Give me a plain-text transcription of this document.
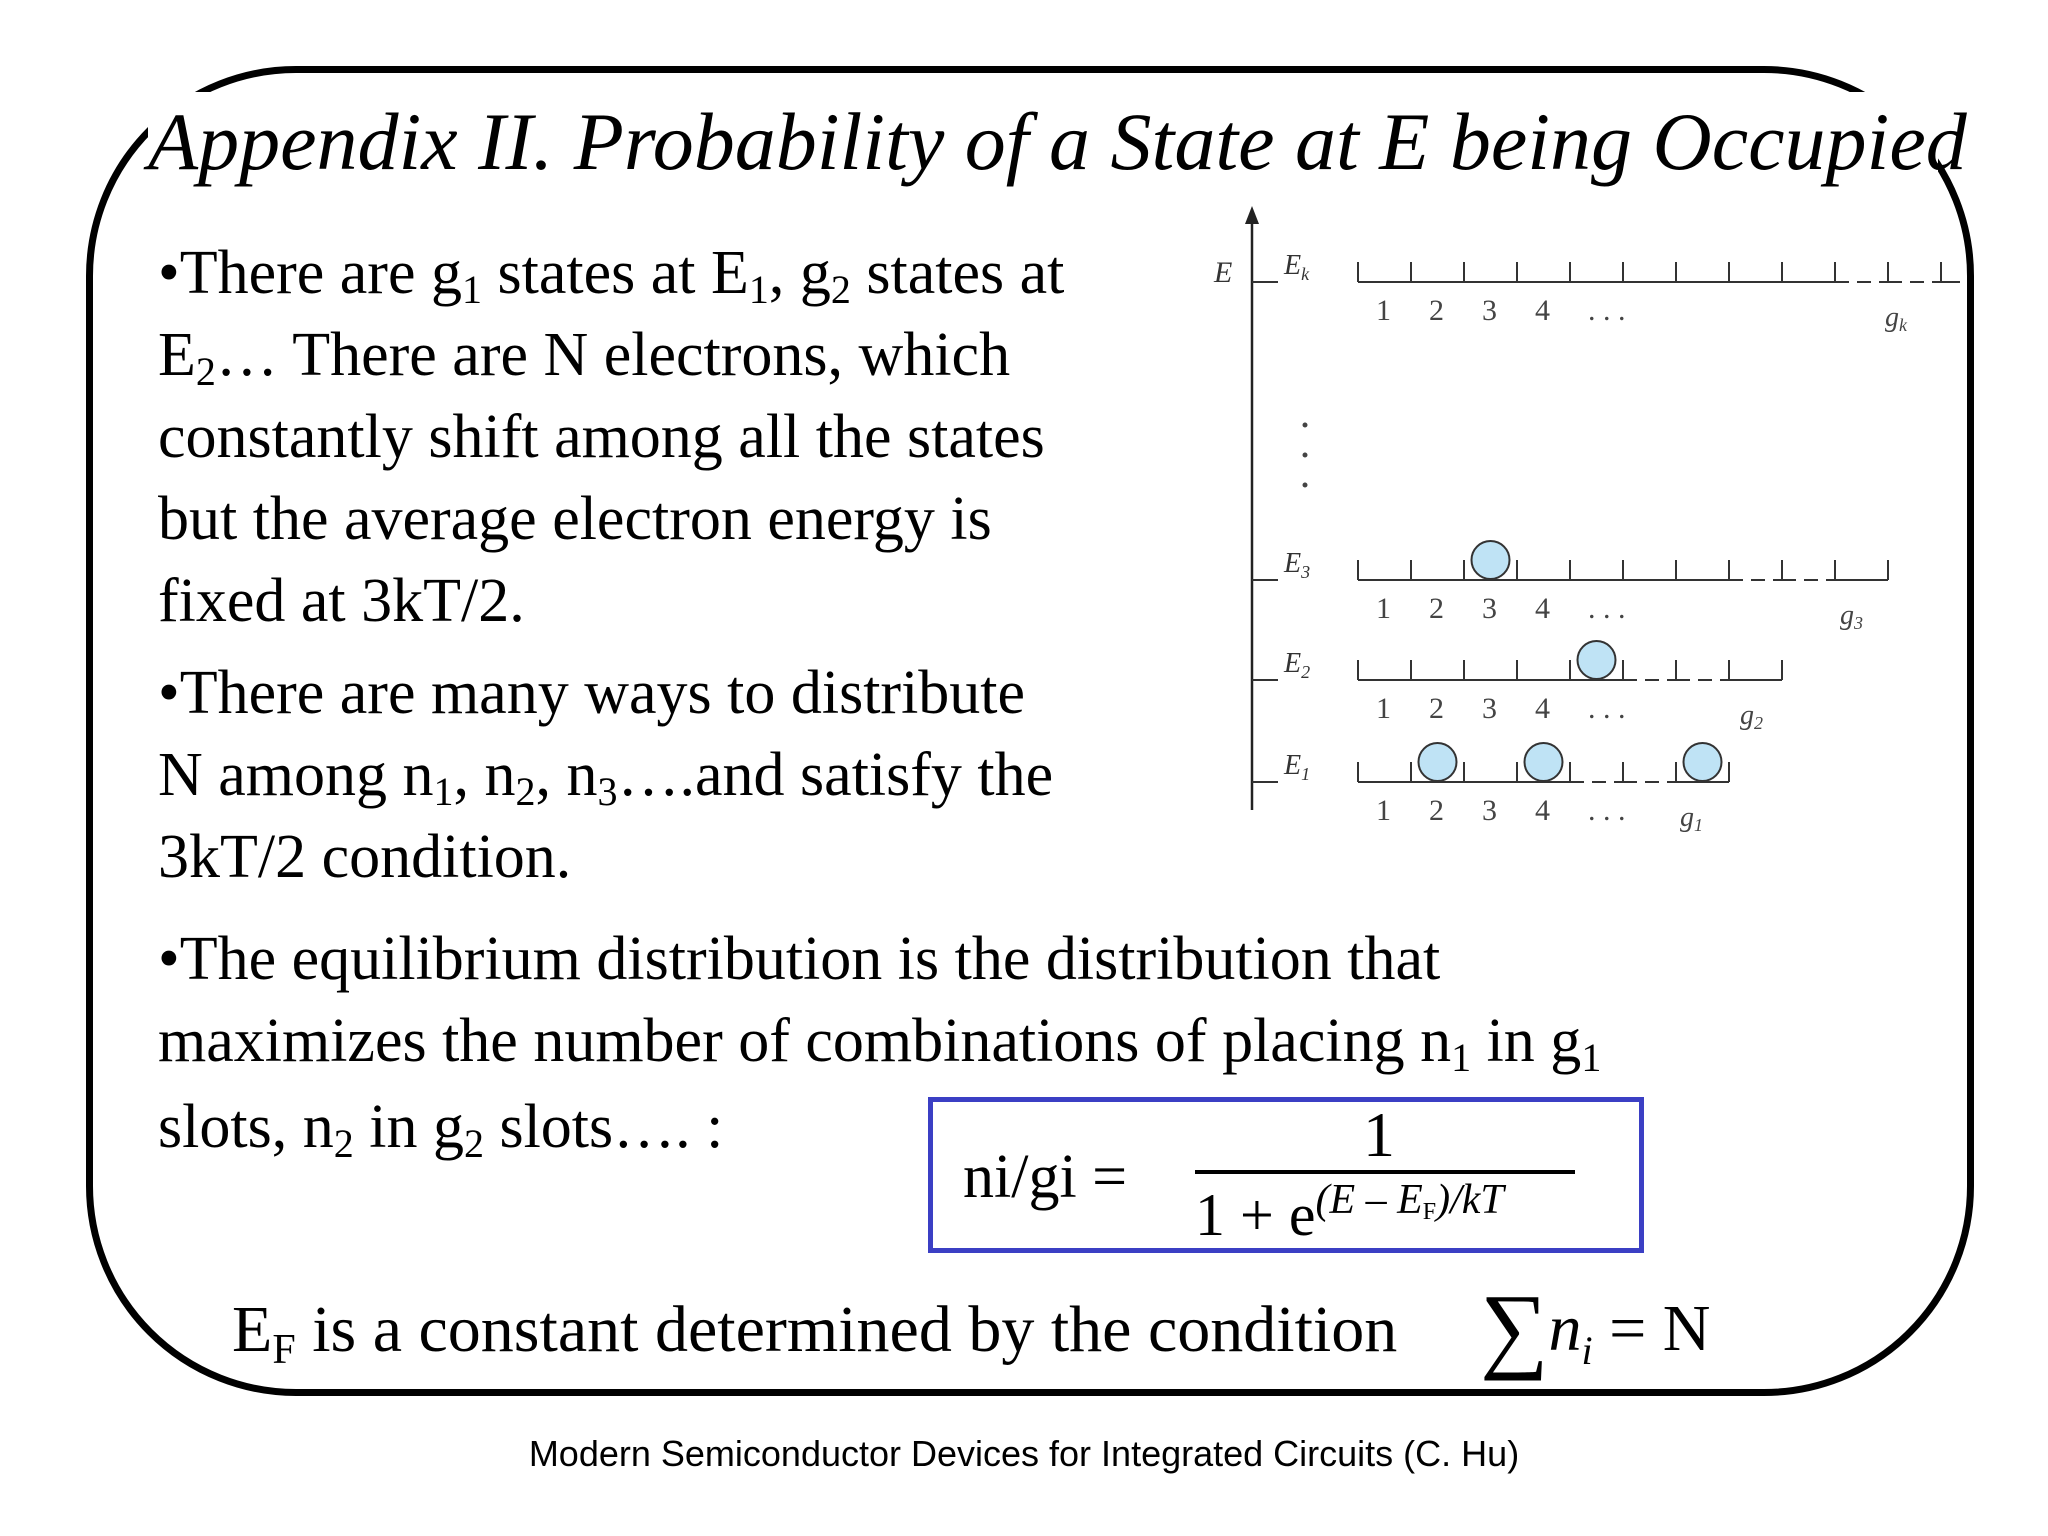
Appendix II. Probability of a State at E being Occupied
•There are $g_1$ states at $E_1$, $g_2$ states at
$E_2\dots$ There are N electrons, which
constantly shift among all the states
but the average electron energy is
fixed at 3kT/2.
•There are many ways to distribute
N among $n_1$, $n_2$, $n_3\dots.and$ satisfy the
3kT/2 condition.
•The equilibrium distribution is the distribution that
maximizes the number of combinations of placing $n_1$ in $g_1$
slots, $n_2$ in $g_2$ slots…. :
ni/gi =
1
$1 + e^{(E - E_F)/kT}$
$E_F$ is a constant determined by the condition $\sum n_i = N$
E $E_k$
1 2 3 4 . . .	gk
$E_3$
1 2 3 4 . . .	g3
$E_2$
1 2 3 4 . . .	g2
$E_1$
1 2 3 4 . . . g1
Modern Semiconductor Devices for Integrated Circuits (C. Hu)
